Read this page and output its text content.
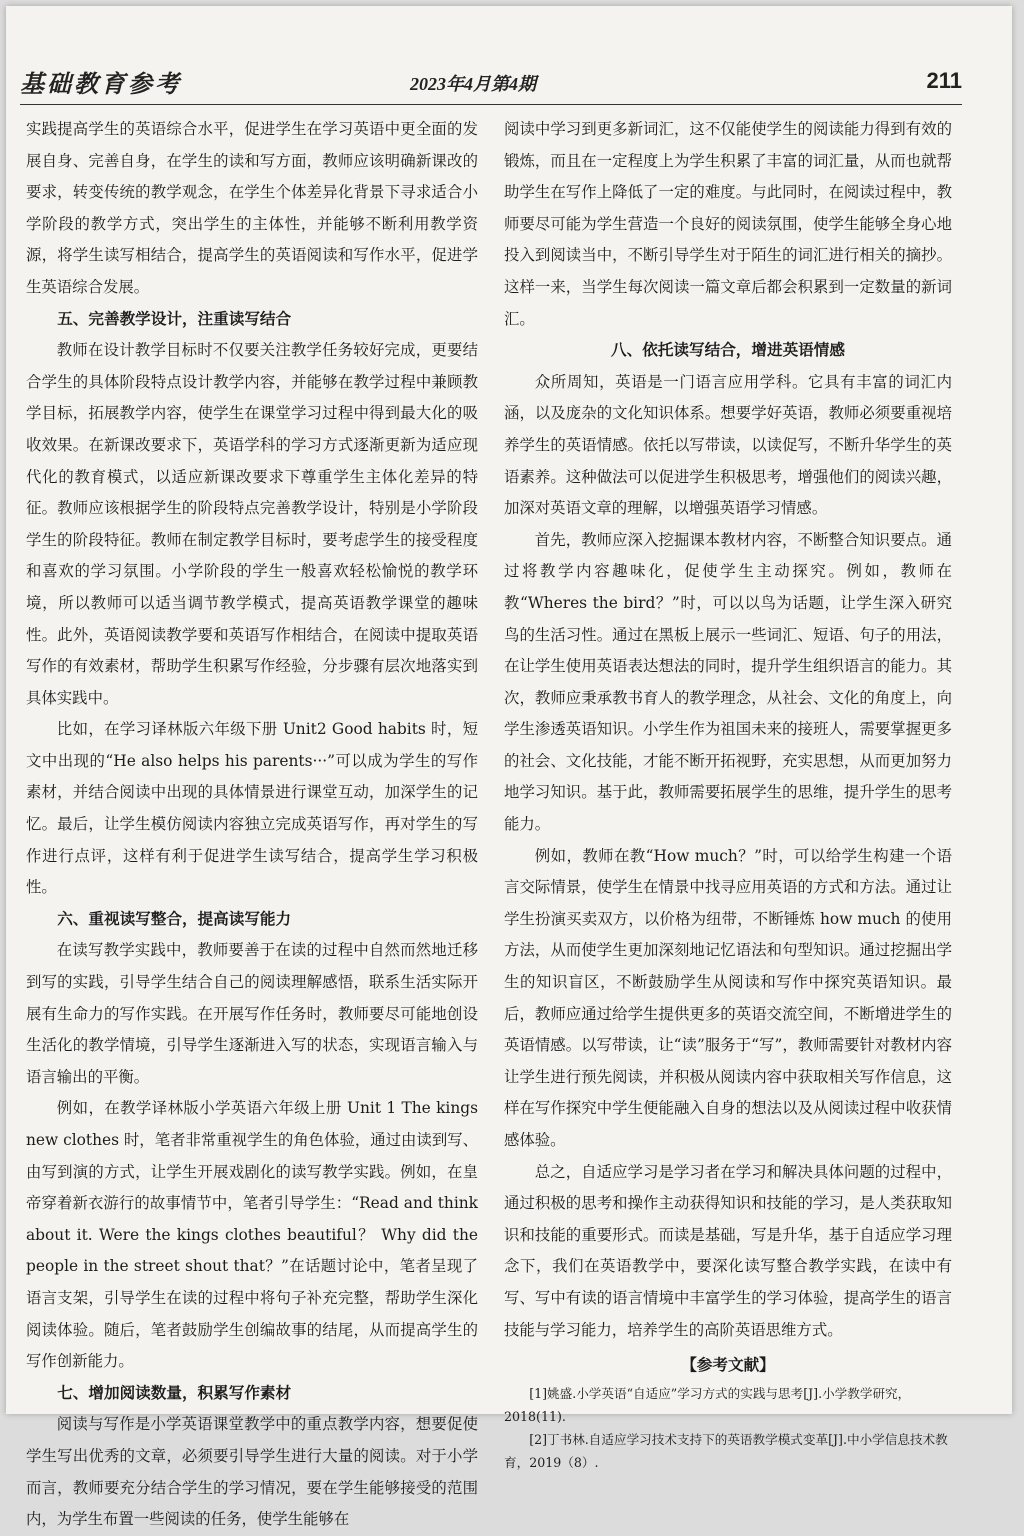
基础教育参考	2023年4月第4期	211

实践提高学生的英语综合水平，促进学生在学习英语中更全面的发展自身、完善自身，在学生的读和写方面，教师应该明确新课改的要求，转变传统的教学观念，在学生个体差异化背景下寻求适合小学阶段的教学方式，突出学生的主体性，并能够不断利用教学资源，将学生读写相结合，提高学生的英语阅读和写作水平，促进学生英语综合发展。

五、完善教学设计，注重读写结合

教师在设计教学目标时不仅要关注教学任务较好完成，更要结合学生的具体阶段特点设计教学内容，并能够在教学过程中兼顾教学目标，拓展教学内容，使学生在课堂学习过程中得到最大化的吸收效果。在新课改要求下，英语学科的学习方式逐渐更新为适应现代化的教育模式，以适应新课改要求下尊重学生主体化差异的特征。教师应该根据学生的阶段特点完善教学设计，特别是小学阶段学生的阶段特征。教师在制定教学目标时，要考虑学生的接受程度和喜欢的学习氛围。小学阶段的学生一般喜欢轻松愉悦的教学环境，所以教师可以适当调节教学模式，提高英语教学课堂的趣味性。此外，英语阅读教学要和英语写作相结合，在阅读中提取英语写作的有效素材，帮助学生积累写作经验，分步骤有层次地落实到具体实践中。

比如，在学习译林版六年级下册 Unit2 Good habits 时，短文中出现的“He also helps his parents···”可以成为学生的写作素材，并结合阅读中出现的具体情景进行课堂互动，加深学生的记忆。最后，让学生模仿阅读内容独立完成英语写作，再对学生的写作进行点评，这样有利于促进学生读写结合，提高学生学习积极性。

六、重视读写整合，提高读写能力

在读写教学实践中，教师要善于在读的过程中自然而然地迁移到写的实践，引导学生结合自己的阅读理解感悟，联系生活实际开展有生命力的写作实践。在开展写作任务时，教师要尽可能地创设生活化的教学情境，引导学生逐渐进入写的状态，实现语言输入与语言输出的平衡。

例如，在教学译林版小学英语六年级上册 Unit 1 The kings new clothes 时，笔者非常重视学生的角色体验，通过由读到写、由写到演的方式，让学生开展戏剧化的读写教学实践。例如，在皇帝穿着新衣游行的故事情节中，笔者引导学生：“Read and think about it. Were the kings clothes beautiful？ Why did the people in the street shout that？”在话题讨论中，笔者呈现了语言支架，引导学生在读的过程中将句子补充完整，帮助学生深化阅读体验。随后，笔者鼓励学生创编故事的结尾，从而提高学生的写作创新能力。

七、增加阅读数量，积累写作素材

阅读与写作是小学英语课堂教学中的重点教学内容，想要促使学生写出优秀的文章，必须要引导学生进行大量的阅读。对于小学而言，教师要充分结合学生的学习情况，要在学生能够接受的范围内，为学生布置一些阅读的任务，使学生能够在

阅读中学习到更多新词汇，这不仅能使学生的阅读能力得到有效的锻炼，而且在一定程度上为学生积累了丰富的词汇量，从而也就帮助学生在写作上降低了一定的难度。与此同时，在阅读过程中，教师要尽可能为学生营造一个良好的阅读氛围，使学生能够全身心地投入到阅读当中，不断引导学生对于陌生的词汇进行相关的摘抄。这样一来，当学生每次阅读一篇文章后都会积累到一定数量的新词汇。

八、依托读写结合，增进英语情感

众所周知，英语是一门语言应用学科。它具有丰富的词汇内涵，以及庞杂的文化知识体系。想要学好英语，教师必须要重视培养学生的英语情感。依托以写带读，以读促写，不断升华学生的英语素养。这种做法可以促进学生积极思考，增强他们的阅读兴趣，加深对英语文章的理解，以增强英语学习情感。

首先，教师应深入挖掘课本教材内容，不断整合知识要点。通过将教学内容趣味化，促使学生主动探究。例如，教师在教“Wheres the bird？”时，可以以鸟为话题，让学生深入研究鸟的生活习性。通过在黑板上展示一些词汇、短语、句子的用法，在让学生使用英语表达想法的同时，提升学生组织语言的能力。其次，教师应秉承教书育人的教学理念，从社会、文化的角度上，向学生渗透英语知识。小学生作为祖国未来的接班人，需要掌握更多的社会、文化技能，才能不断开拓视野，充实思想，从而更加努力地学习知识。基于此，教师需要拓展学生的思维，提升学生的思考能力。

例如，教师在教“How much？”时，可以给学生构建一个语言交际情景，使学生在情景中找寻应用英语的方式和方法。通过让学生扮演买卖双方，以价格为纽带，不断锤炼 how much 的使用方法，从而使学生更加深刻地记忆语法和句型知识。通过挖掘出学生的知识盲区，不断鼓励学生从阅读和写作中探究英语知识。最后，教师应通过给学生提供更多的英语交流空间，不断增进学生的英语情感。以写带读，让“读”服务于“写”，教师需要针对教材内容让学生进行预先阅读，并积极从阅读内容中获取相关写作信息，这样在写作探究中学生便能融入自身的想法以及从阅读过程中收获情感体验。

总之，自适应学习是学习者在学习和解决具体问题的过程中，通过积极的思考和操作主动获得知识和技能的学习，是人类获取知识和技能的重要形式。而读是基础，写是升华，基于自适应学习理念下，我们在英语教学中，要深化读写整合教学实践，在读中有写、写中有读的语言情境中丰富学生的学习体验，提高学生的语言技能与学习能力，培养学生的高阶英语思维方式。

【参考文献】

[1]姚盛.小学英语“自适应”学习方式的实践与思考[J].小学教学研究，2018(11).

[2]丁书林.自适应学习技术支持下的英语教学模式变革[J].中小学信息技术教育，2019（8）.
